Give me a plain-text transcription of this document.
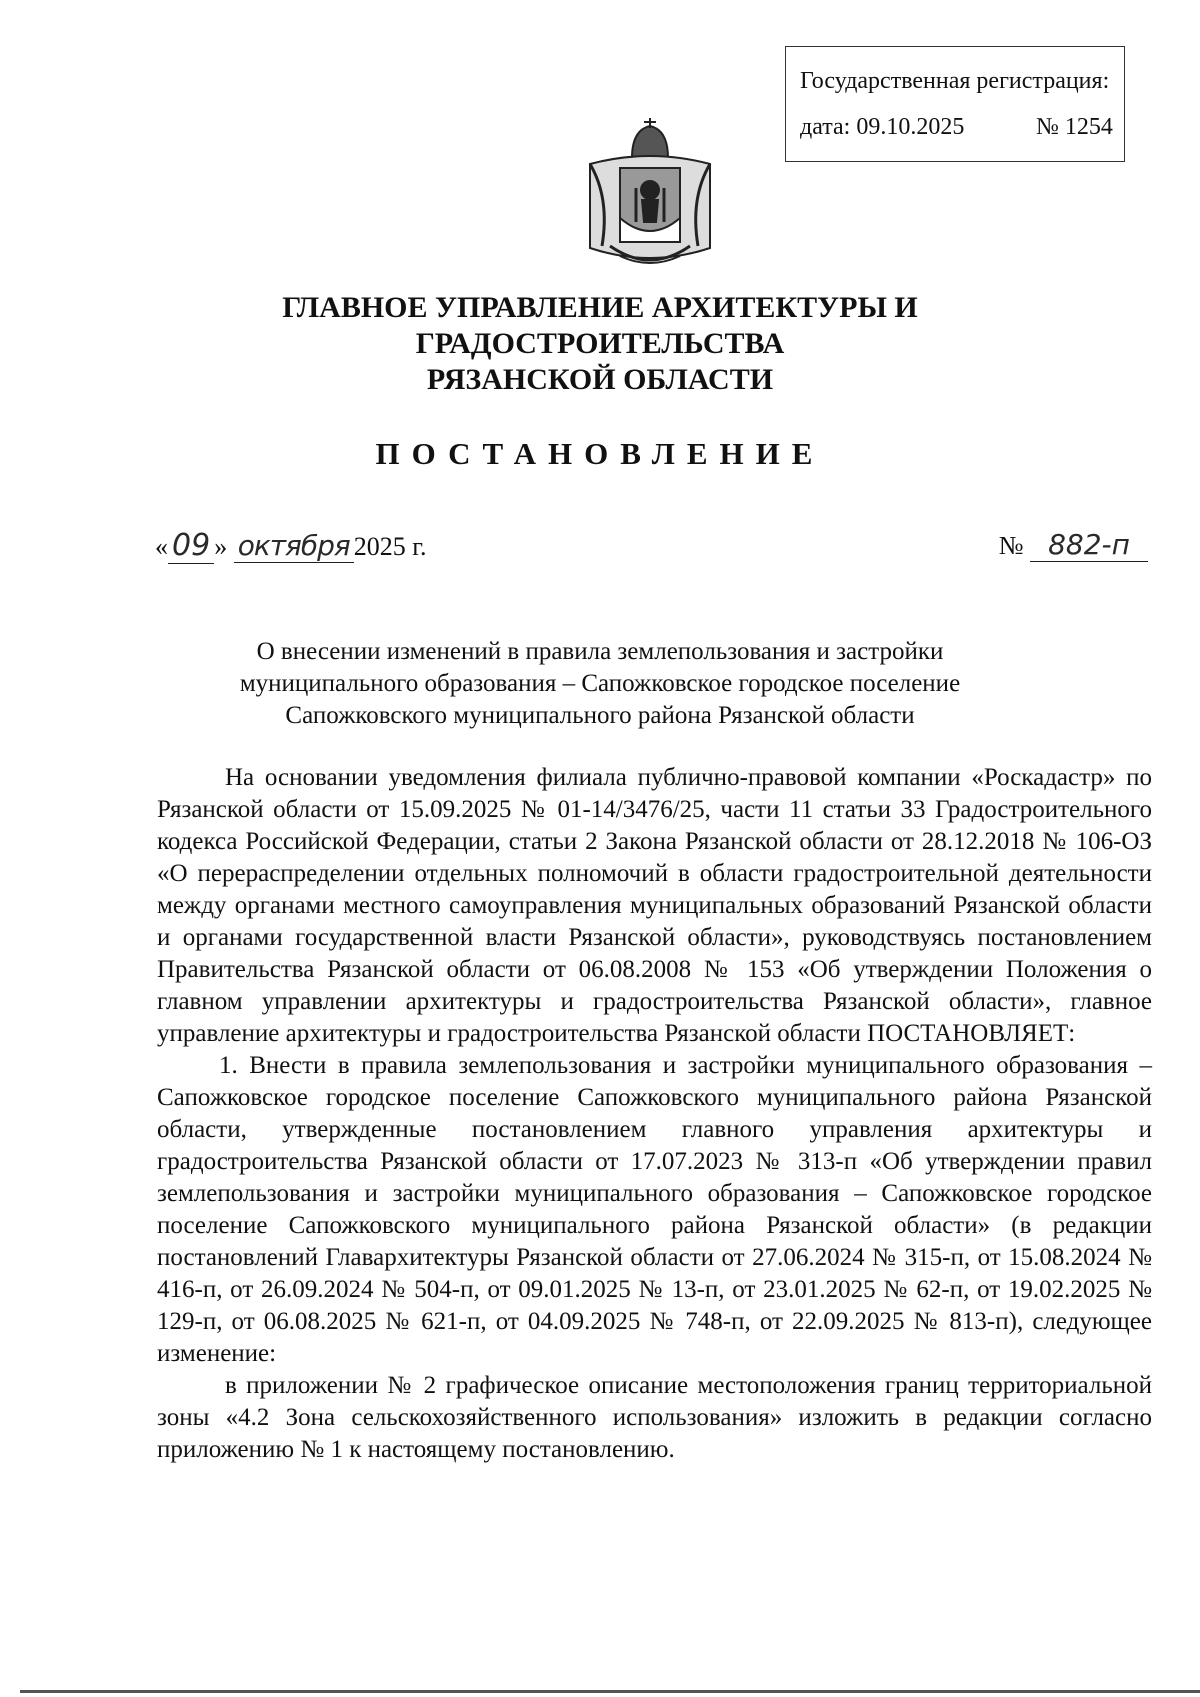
Государственная регистрация:
дата: 09.10.2025	№ 1254
ГЛАВНОЕ УПРАВЛЕНИЕ АРХИТЕКТУРЫ И ГРАДОСТРОИТЕЛЬСТВА
РЯЗАНСКОЙ ОБЛАСТИ
ПОСТАНОВЛЕНИЕ
« 09 » октября 2025 г.	№ 882-п
О внесении изменений в правила землепользования и застройки
муниципального образования – Сапожковское городское поселение
Сапожковского муниципального района Рязанской области

На основании уведомления филиала публично-правовой компании «Роскадастр» по Рязанской области от 15.09.2025 № 01-14/3476/25, части 11 статьи 33 Градостроительного кодекса Российской Федерации, статьи 2 Закона Рязанской области от 28.12.2018 № 106-ОЗ «О перераспределении отдельных полномочий в области градостроительной деятельности между органами местного самоуправления муниципальных образований Рязанской области и органами государственной власти Рязанской области», руководствуясь постановлением Правительства Рязанской области от 06.08.2008 № 153 «Об утверждении Положения о главном управлении архитектуры и градостроительства Рязанской области», главное управление архитектуры и градостроительства Рязанской области ПОСТАНОВЛЯЕТ:

1. Внести в правила землепользования и застройки муниципального образования – Сапожковское городское поселение Сапожковского муниципального района Рязанской области, утвержденные постановлением главного управления архитектуры и градостроительства Рязанской области от 17.07.2023 № 313-п «Об утверждении правил землепользования и застройки муниципального образования – Сапожковское городское поселение Сапожковского муниципального района Рязанской области» (в редакции постановлений Главархитектуры Рязанской области от 27.06.2024 № 315-п, от 15.08.2024 № 416-п, от 26.09.2024 № 504-п, от 09.01.2025 № 13-п, от 23.01.2025 № 62-п, от 19.02.2025 № 129-п, от 06.08.2025 № 621-п, от 04.09.2025 № 748-п, от 22.09.2025 № 813-п), следующее изменение:

в приложении № 2 графическое описание местоположения границ территориальной зоны «4.2 Зона сельскохозяйственного использования» изложить в редакции согласно приложению № 1 к настоящему постановлению.
